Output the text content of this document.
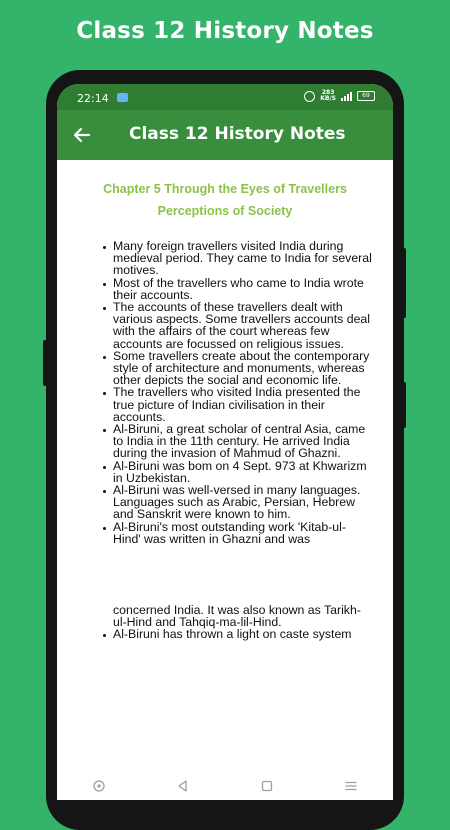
Class 12 History Notes
22:14	283
KB/S	69
Class 12 History Notes
Chapter 5 Through the Eyes of Travellers
Perceptions of Society
Many foreign travellers visited India during medieval period. They came to India for several motives.
Most of the travellers who came to India wrote their accounts.
The accounts of these travellers dealt with various aspects. Some travellers accounts deal with the affairs of the court whereas few accounts are focussed on religious issues.
Some travellers create about the contemporary style of architecture and monuments, whereas other depicts the social and economic life.
The travellers who visited India presented the true picture of Indian civilisation in their accounts.
Al-Biruni, a great scholar of central Asia, came to India in the 11th century. He arrived India during the invasion of Mahmud of Ghazni.
Al-Biruni was bom on 4 Sept. 973 at Khwarizm in Uzbekistan.
Al-Biruni was well-versed in many languages. Languages such as Arabic, Persian, Hebrew and Sanskrit were known to him.
Al-Biruni's most outstanding work 'Kitab-ul-Hind' was written in Ghazni and was
concerned India. It was also known as Tarikh-ul-Hind and Tahqiq-ma-lil-Hind.
Al-Biruni has thrown a light on caste system
